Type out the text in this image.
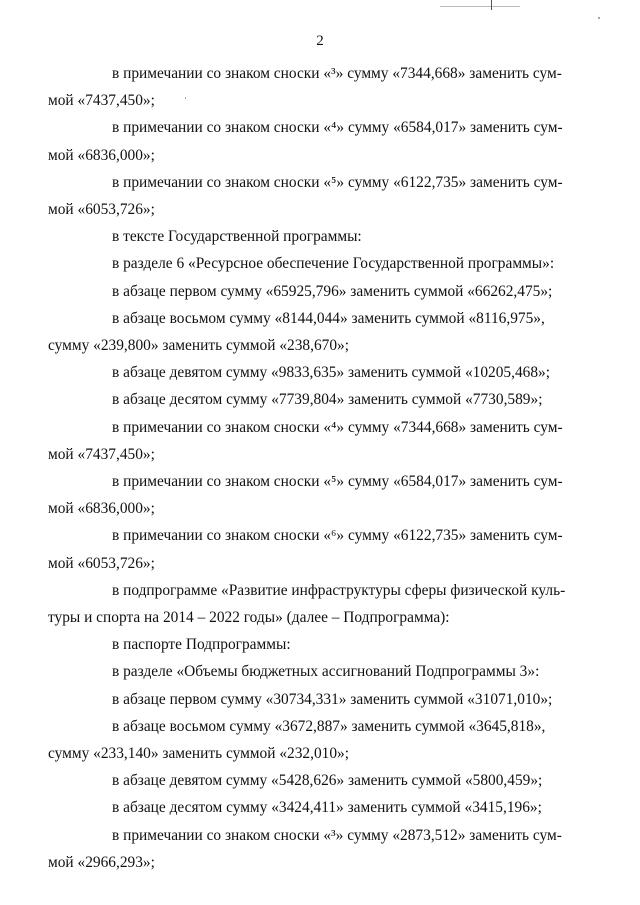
2

в примечании со знаком сноски «³» сумму «7344,668» заменить сум-

мой «7437,450»;

в примечании со знаком сноски «⁴» сумму «6584,017» заменить сум-

мой «6836,000»;

в примечании со знаком сноски «⁵» сумму «6122,735» заменить сум-

мой «6053,726»;

в тексте Государственной программы:

в разделе 6 «Ресурсное обеспечение Государственной программы»:

в абзаце первом сумму «65925,796» заменить суммой «66262,475»;

в абзаце восьмом сумму «8144,044» заменить суммой «8116,975»,

сумму «239,800» заменить суммой «238,670»;

в абзаце девятом сумму «9833,635» заменить суммой «10205,468»;

в абзаце десятом сумму «7739,804» заменить суммой «7730,589»;

в примечании со знаком сноски «⁴» сумму «7344,668» заменить сум-

мой «7437,450»;

в примечании со знаком сноски «⁵» сумму «6584,017» заменить сум-

мой «6836,000»;

в примечании со знаком сноски «⁶» сумму «6122,735» заменить сум-

мой «6053,726»;

в подпрограмме «Развитие инфраструктуры сферы физической куль-

туры и спорта на 2014 – 2022 годы» (далее – Подпрограмма):

в паспорте Подпрограммы:

в разделе «Объемы бюджетных ассигнований Подпрограммы 3»:

в абзаце первом сумму «30734,331» заменить суммой «31071,010»;

в абзаце восьмом сумму «3672,887» заменить суммой «3645,818»,

сумму «233,140» заменить суммой «232,010»;

в абзаце девятом сумму «5428,626» заменить суммой «5800,459»;

в абзаце десятом сумму «3424,411» заменить суммой «3415,196»;

в примечании со знаком сноски «³» сумму «2873,512» заменить сум-

мой «2966,293»;
